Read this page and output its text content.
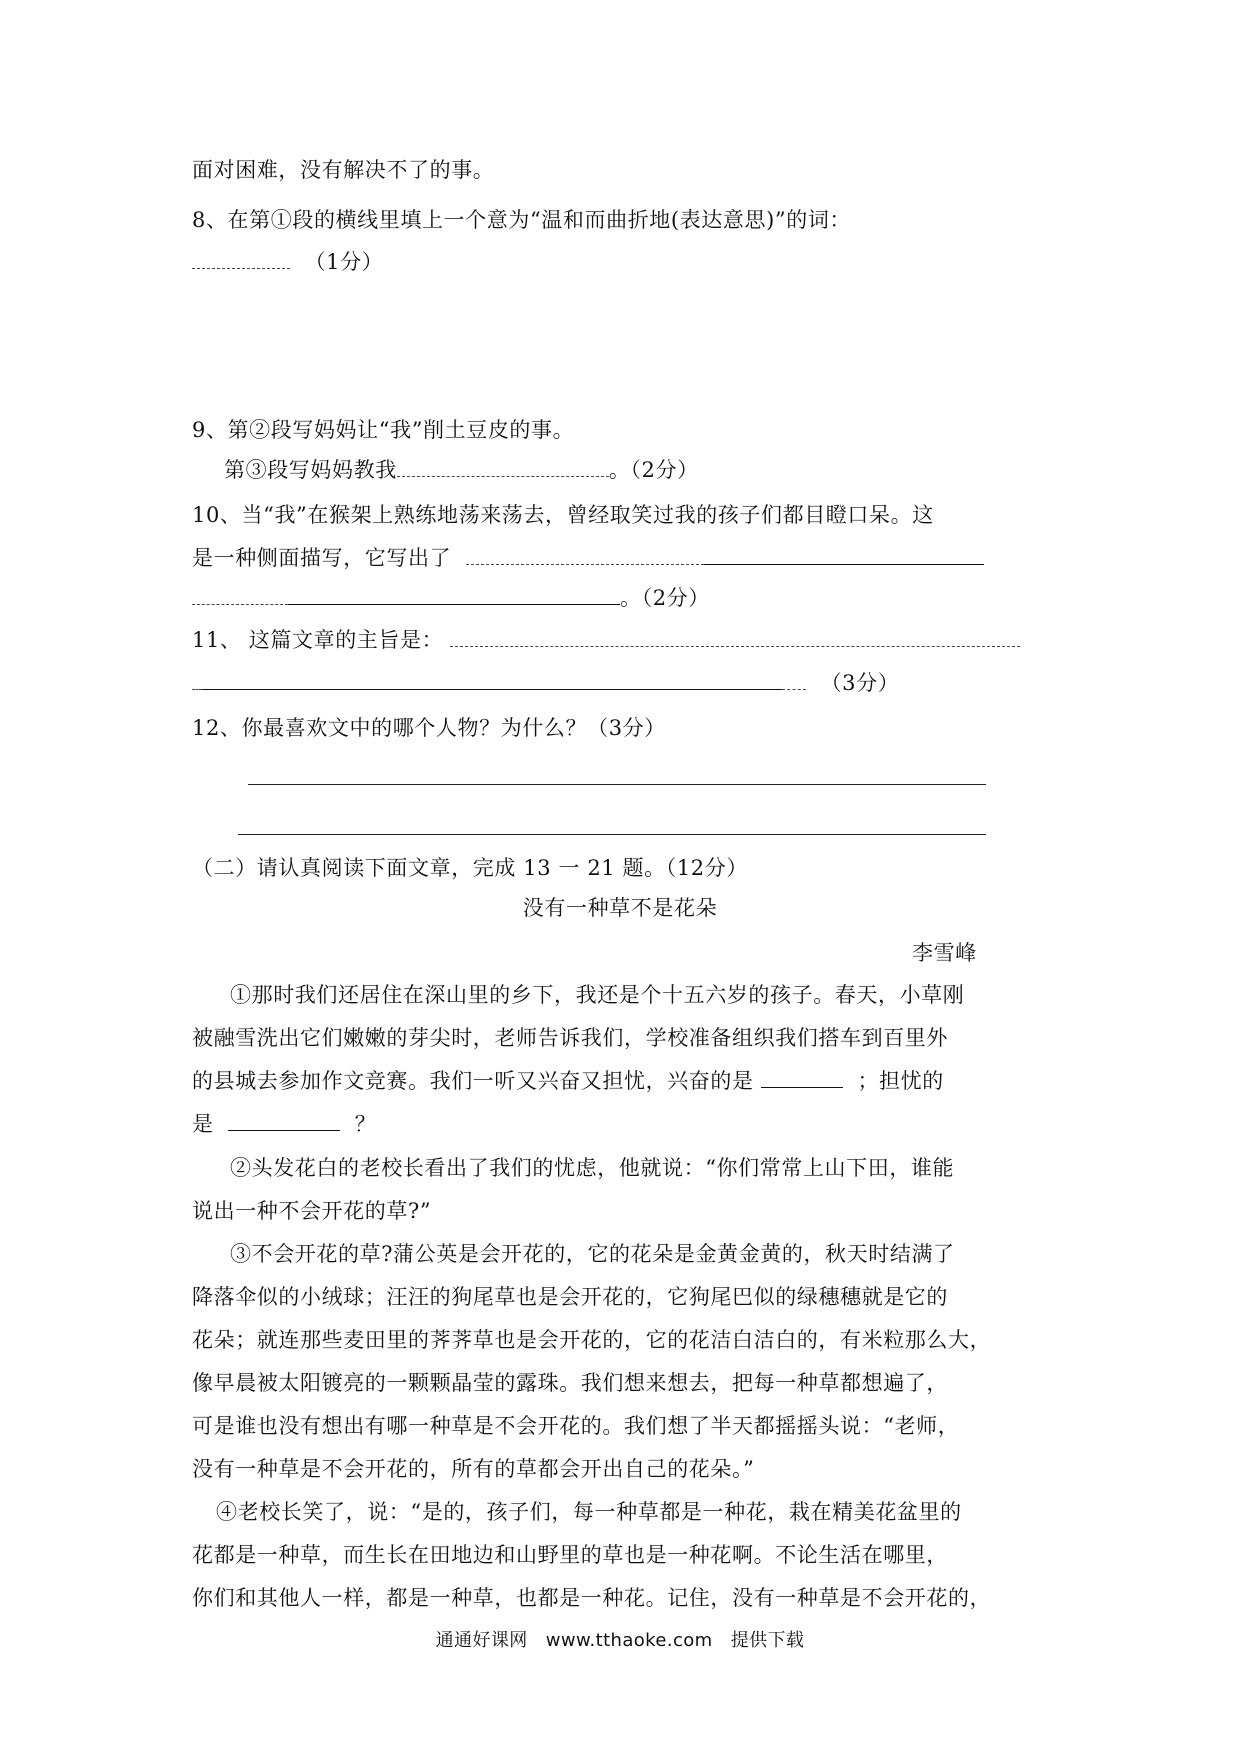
面对困难，没有解决不了的事。
8、在第①段的横线里填上一个意为“温和而曲折地(表达意思)”的词：
（1分）
9、第②段写妈妈让“我”削土豆皮的事。
第③段写妈妈教我	。（2分）
10、当“我”在猴架上熟练地荡来荡去，曾经取笑过我的孩子们都目瞪口呆。这
是一种侧面描写，它写出了
。（2分）
11、 这篇文章的主旨是：
（3分）
12、你最喜欢文中的哪个人物？为什么？（3分）
（二）请认真阅读下面文章，完成 13 一 21 题。（12分）
没有一种草不是花朵
李雪峰
①那时我们还居住在深山里的乡下，我还是个十五六岁的孩子。春天，小草刚
被融雪洗出它们嫩嫩的芽尖时，老师告诉我们，学校准备组织我们搭车到百里外
的县城去参加作文竞赛。我们一听又兴奋又担忧，兴奋的是	；担忧的
是	？
②头发花白的老校长看出了我们的忧虑，他就说：“你们常常上山下田，谁能
说出一种不会开花的草?”
③不会开花的草?蒲公英是会开花的，它的花朵是金黄金黄的，秋天时结满了
降落伞似的小绒球；汪汪的狗尾草也是会开花的，它狗尾巴似的绿穗穗就是它的
花朵；就连那些麦田里的荠荠草也是会开花的，它的花洁白洁白的，有米粒那么大，
像早晨被太阳镀亮的一颗颗晶莹的露珠。我们想来想去，把每一种草都想遍了，
可是谁也没有想出有哪一种草是不会开花的。我们想了半天都摇摇头说：“老师，
没有一种草是不会开花的，所有的草都会开出自己的花朵。”
④老校长笑了，说：“是的，孩子们，每一种草都是一种花，栽在精美花盆里的
花都是一种草，而生长在田地边和山野里的草也是一种花啊。不论生活在哪里，
你们和其他人一样，都是一种草，也都是一种花。记住，没有一种草是不会开花的，
通通好课网 www.tthaoke.com 提供下载
